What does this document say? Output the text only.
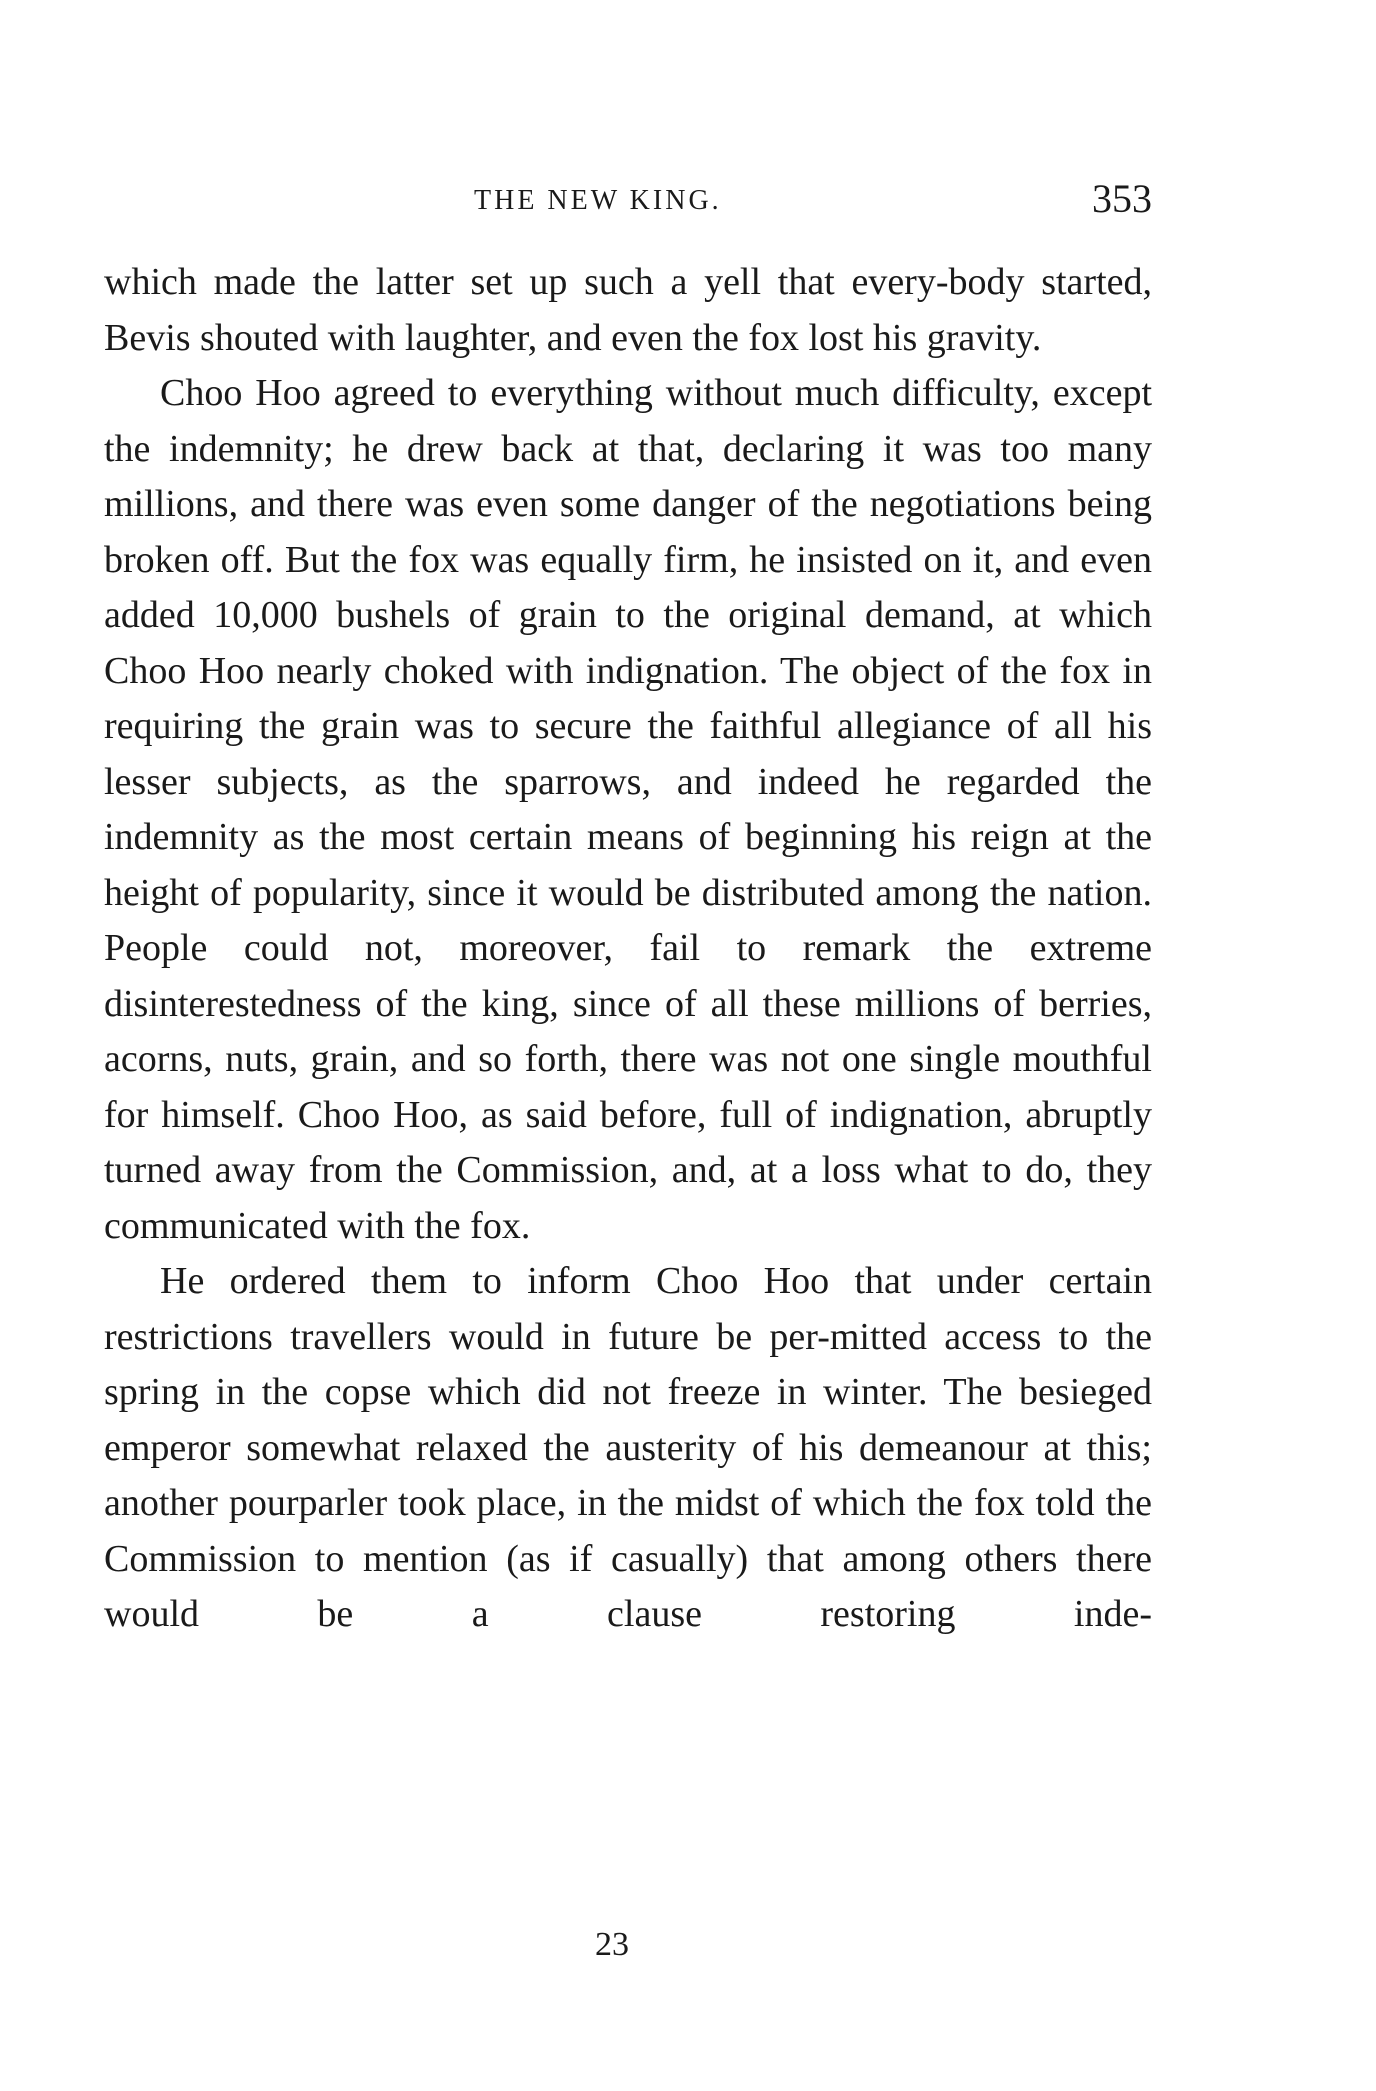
THE NEW KING.	353

which made the latter set up such a yell that every-body started, Bevis shouted with laughter, and even the fox lost his gravity.

Choo Hoo agreed to everything without much difficulty, except the indemnity; he drew back at that, declaring it was too many millions, and there was even some danger of the negotiations being broken off. But the fox was equally firm, he insisted on it, and even added 10,000 bushels of grain to the original demand, at which Choo Hoo nearly choked with indignation. The object of the fox in requiring the grain was to secure the faithful allegiance of all his lesser subjects, as the sparrows, and indeed he regarded the indemnity as the most certain means of beginning his reign at the height of popularity, since it would be distributed among the nation. People could not, moreover, fail to remark the extreme disinterestedness of the king, since of all these millions of berries, acorns, nuts, grain, and so forth, there was not one single mouthful for himself. Choo Hoo, as said before, full of indignation, abruptly turned away from the Commission, and, at a loss what to do, they communicated with the fox.

He ordered them to inform Choo Hoo that under certain restrictions travellers would in future be per-mitted access to the spring in the copse which did not freeze in winter. The besieged emperor somewhat relaxed the austerity of his demeanour at this; another pourparler took place, in the midst of which the fox told the Commission to mention (as if casually) that among others there would be a clause restoring inde-

23
